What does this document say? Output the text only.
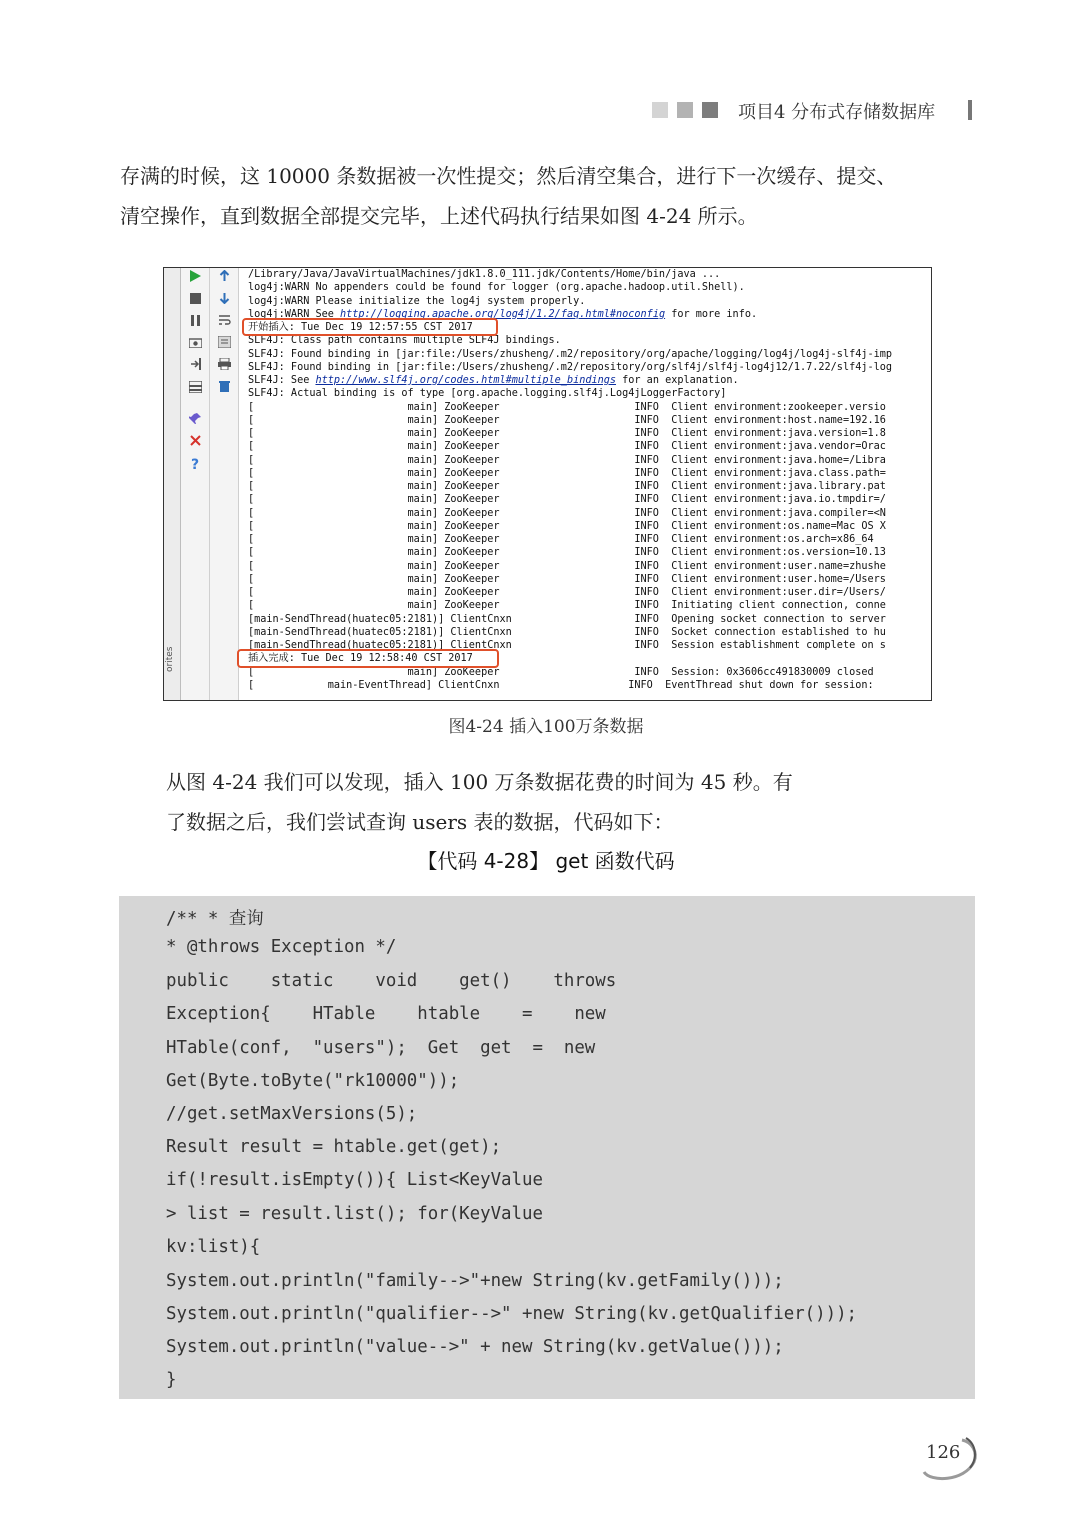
项目4 分布式存储数据库
存满的时候，这 10000 条数据被一次性提交；然后清空集合，进行下一次缓存、提交、
清空操作，直到数据全部提交完毕，上述代码执行结果如图 4-24 所示。
orites
?
/Library/Java/JavaVirtualMachines/jdk1.8.0_111.jdk/Contents/Home/bin/java ...
log4j:WARN No appenders could be found for logger (org.apache.hadoop.util.Shell).
log4j:WARN Please initialize the log4j system properly.
log4j:WARN See http://logging.apache.org/log4j/1.2/faq.html#noconfig for more info.
开始插入: Tue Dec 19 12:57:55 CST 2017
SLF4J: Class path contains multiple SLF4J bindings.
SLF4J: Found binding in [jar:file:/Users/zhusheng/.m2/repository/org/apache/logging/log4j/log4j-slf4j-imp
SLF4J: Found binding in [jar:file:/Users/zhusheng/.m2/repository/org/slf4j/slf4j-log4j12/1.7.22/slf4j-log
SLF4J: See http://www.slf4j.org/codes.html#multiple_bindings for an explanation.
SLF4J: Actual binding is of type [org.apache.logging.slf4j.Log4jLoggerFactory]
[                         main] ZooKeeper                      INFO  Client environment:zookeeper.versio
[                         main] ZooKeeper                      INFO  Client environment:host.name=192.16
[                         main] ZooKeeper                      INFO  Client environment:java.version=1.8
[                         main] ZooKeeper                      INFO  Client environment:java.vendor=Orac
[                         main] ZooKeeper                      INFO  Client environment:java.home=/Libra
[                         main] ZooKeeper                      INFO  Client environment:java.class.path=
[                         main] ZooKeeper                      INFO  Client environment:java.library.pat
[                         main] ZooKeeper                      INFO  Client environment:java.io.tmpdir=/
[                         main] ZooKeeper                      INFO  Client environment:java.compiler=<N
[                         main] ZooKeeper                      INFO  Client environment:os.name=Mac OS X
[                         main] ZooKeeper                      INFO  Client environment:os.arch=x86_64
[                         main] ZooKeeper                      INFO  Client environment:os.version=10.13
[                         main] ZooKeeper                      INFO  Client environment:user.name=zhushe
[                         main] ZooKeeper                      INFO  Client environment:user.home=/Users
[                         main] ZooKeeper                      INFO  Client environment:user.dir=/Users/
[                         main] ZooKeeper                      INFO  Initiating client connection, conne
[main-SendThread(huatec05:2181)] ClientCnxn                    INFO  Opening socket connection to server
[main-SendThread(huatec05:2181)] ClientCnxn                    INFO  Socket connection established to hu
[main-SendThread(huatec05:2181)] ClientCnxn                    INFO  Session establishment complete on s
插入完成: Tue Dec 19 12:58:40 CST 2017
[                         main] ZooKeeper                      INFO  Session: 0x3606cc491830009 closed
[            main-EventThread] ClientCnxn                     INFO  EventThread shut down for session:
图4-24 插入100万条数据
从图 4-24 我们可以发现，插入 100 万条数据花费的时间为 45 秒。有
了数据之后，我们尝试查询 users 表的数据，代码如下：
【代码 4-28】 get 函数代码
/** * 查询
* @throws Exception */
public    static    void    get()    throws
Exception{    HTable    htable    =    new
HTable(conf,  "users");  Get  get  =  new
Get(Byte.toByte("rk10000"));
//get.setMaxVersions(5);
Result result = htable.get(get);
if(!result.isEmpty()){ List<KeyValue
> list = result.list(); for(KeyValue
kv:list){
System.out.println("family-->"+new String(kv.getFamily()));
System.out.println("qualifier-->" +new String(kv.getQualifier()));
System.out.println("value-->" + new String(kv.getValue()));
}
126
